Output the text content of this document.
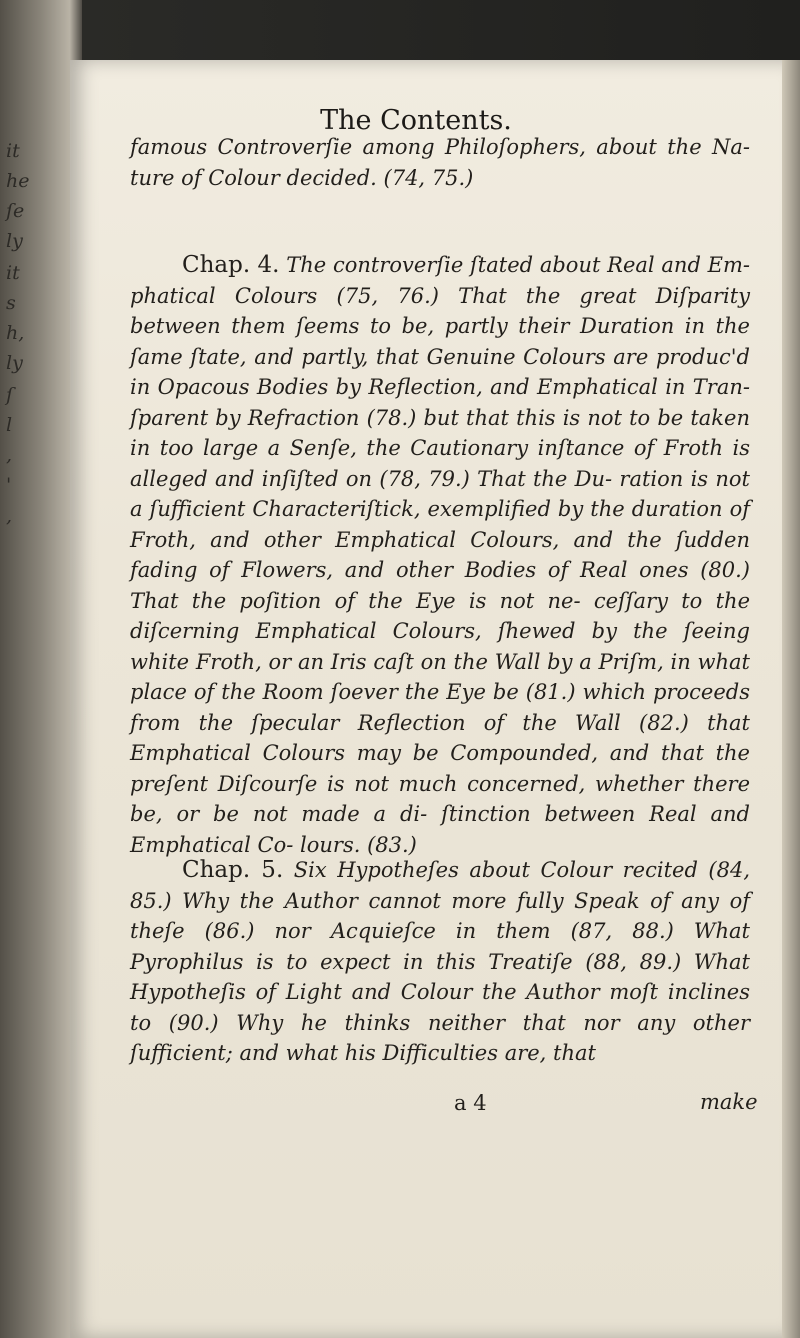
it
he
ſe
ly
it
s
h,
ly
ſ
l
,
'
,
The Contents.

famous Controverſie among Philoſophers, about the Na- ture of Colour decided. (74, 75.)

Chap. 4. The controverſie ſtated about Real and Em- phatical Colours (75, 76.) That the great Diſparity between them ſeems to be, partly their Duration in the ſame ſtate, and partly, that Genuine Colours are produc'd in Opacous Bodies by Reflection, and Emphatical in Tran- ſparent by Refraction (78.) but that this is not to be taken in too large a Senſe, the Cautionary inſtance of Froth is alleged and inſiſted on (78, 79.) That the Du- ration is not a ſufficient Characteriſtick, exemplified by the duration of Froth, and other Emphatical Colours, and the ſudden fading of Flowers, and other Bodies of Real ones (80.) That the poſition of the Eye is not ne- ceſſary to the diſcerning Emphatical Colours, ſhewed by the ſeeing white Froth, or an Iris caſt on the Wall by a Priſm, in what place of the Room ſoever the Eye be (81.) which proceeds from the ſpecular Reflection of the Wall (82.) that Emphatical Colours may be Compounded, and that the preſent Diſcourſe is not much concerned, whether there be, or be not made a di- ſtinction between Real and Emphatical Co- lours. (83.)

Chap. 5. Six Hypotheſes about Colour recited (84, 85.) Why the Author cannot more fully Speak of any of theſe (86.) nor Acquieſce in them (87, 88.) What Pyrophilus is to expect in this Treatiſe (88, 89.) What Hypotheſis of Light and Colour the Author moſt inclines to (90.) Why he thinks neither that nor any other ſufficient; and what his Difficulties are, that

a 4	make
